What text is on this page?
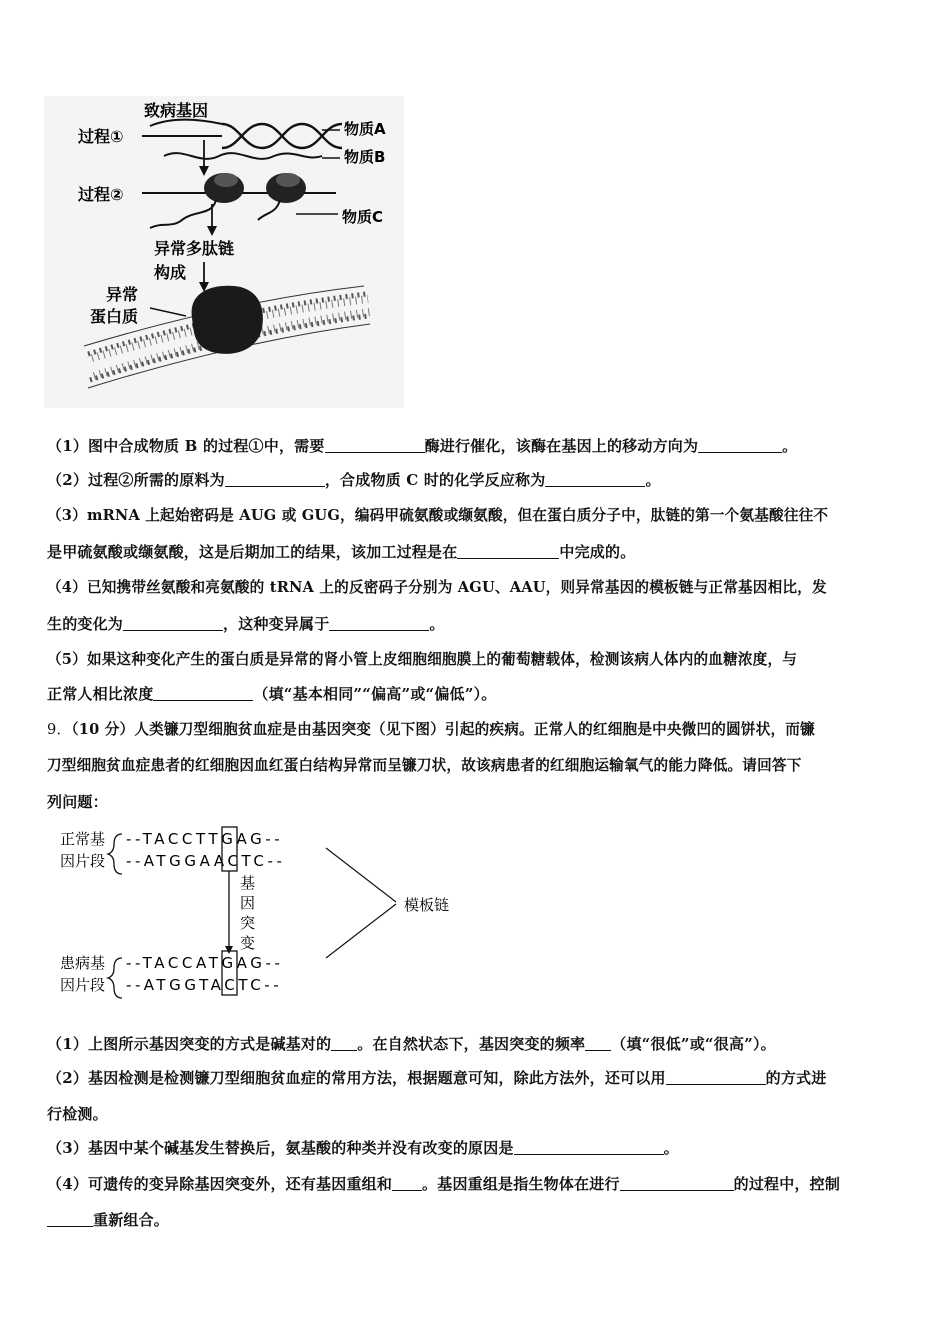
致病基因
过程①	物质A
物质B
过程②
物质C
异常多肽链
构成
异常
蛋白质
（1）图中合成物质 B 的过程①中，需要	酶进行催化，该酶在基因上的移动方向为	。
（2）过程②所需的原料为	，合成物质 C 时的化学反应称为	。
（3）mRNA 上起始密码是 AUG 或 GUG，编码甲硫氨酸或缬氨酸，但在蛋白质分子中，肽链的第一个氨基酸往往不
是甲硫氨酸或缬氨酸，这是后期加工的结果，该加工过程是在	中完成的。
（4）已知携带丝氨酸和亮氨酸的 tRNA 上的反密码子分别为 AGU、AAU，则异常基因的模板链与正常基因相比，发
生的变化为	，这种变异属于	。
（5）如果这种变化产生的蛋白质是异常的肾小管上皮细胞细胞膜上的葡萄糖载体，检测该病人体内的血糖浓度，与
正常人相比浓度	（填“基本相同”“偏高”或“偏低”）。
9．（10 分）人类镰刀型细胞贫血症是由基因突变（见下图）引起的疾病。正常人的红细胞是中央微凹的圆饼状，而镰
刀型细胞贫血症患者的红细胞因血红蛋白结构异常而呈镰刀状，故该病患者的红细胞运输氧气的能力降低。请回答下
列问题：
正常基
因片段
--TACCTTGAG--
--ATGGAACTC--
基
因
突
变
模板链
患病基
因片段
--TACCATGAG--
--ATGGTACTC--
（1）上图所示基因突变的方式是碱基对的 。在自然状态下，基因突变的频率 （填“很低”或“很高”）。
（2）基因检测是检测镰刀型细胞贫血症的常用方法，根据题意可知，除此方法外，还可以用	的方式进
行检测。
（3）基因中某个碱基发生替换后，氨基酸的种类并没有改变的原因是	。
（4）可遗传的变异除基因突变外，还有基因重组和 。基因重组是指生物体在进行	的过程中，控制
重新组合。
